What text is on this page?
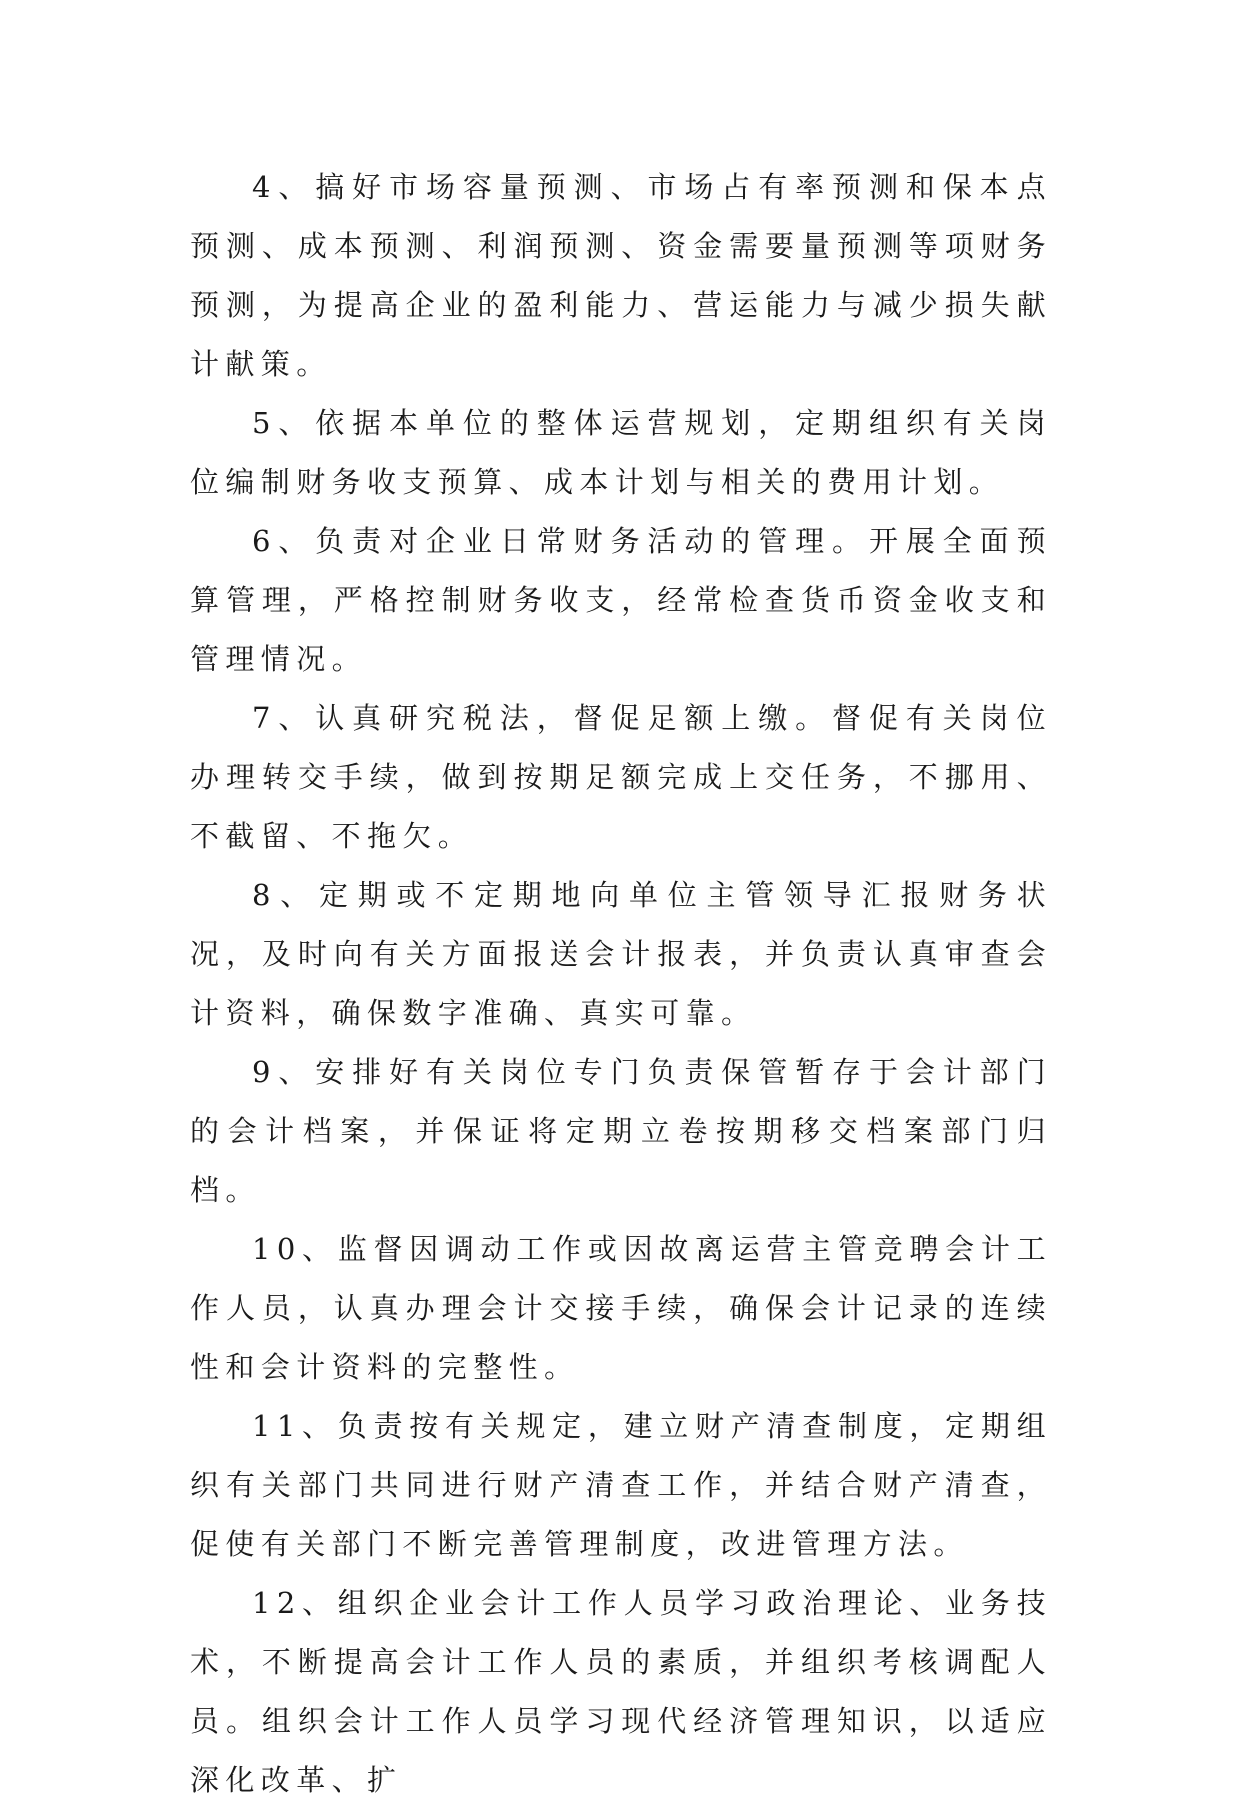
4、搞好市场容量预测、市场占有率预测和保本点预测、成本预测、利润预测、资金需要量预测等项财务预测，为提高企业的盈利能力、营运能力与减少损失献计献策。

5、依据本单位的整体运营规划，定期组织有关岗位编制财务收支预算、成本计划与相关的费用计划。

6、负责对企业日常财务活动的管理。开展全面预算管理，严格控制财务收支，经常检查货币资金收支和管理情况。

7、认真研究税法，督促足额上缴。督促有关岗位办理转交手续，做到按期足额完成上交任务，不挪用、不截留、不拖欠。

8、定期或不定期地向单位主管领导汇报财务状况，及时向有关方面报送会计报表，并负责认真审查会计资料，确保数字准确、真实可靠。

9、安排好有关岗位专门负责保管暂存于会计部门的会计档案，并保证将定期立卷按期移交档案部门归档。

10、监督因调动工作或因故离运营主管竞聘会计工作人员，认真办理会计交接手续，确保会计记录的连续性和会计资料的完整性。

11、负责按有关规定，建立财产清查制度，定期组织有关部门共同进行财产清查工作，并结合财产清查，促使有关部门不断完善管理制度，改进管理方法。

12、组织企业会计工作人员学习政治理论、业务技术，不断提高会计工作人员的素质，并组织考核调配人员。组织会计工作人员学习现代经济管理知识，以适应深化改革、扩
